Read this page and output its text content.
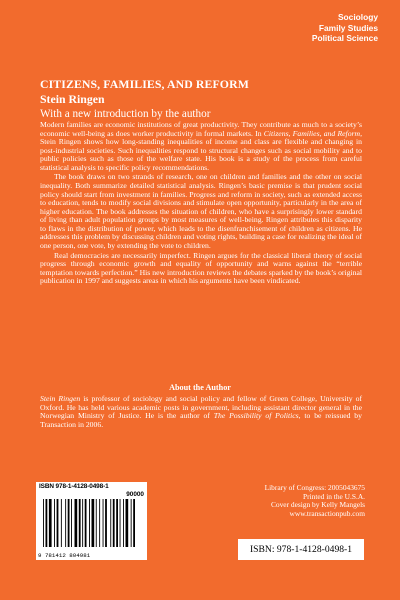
Sociology
Family Studies
Political Science
CITIZENS, FAMILIES, AND REFORM
Stein Ringen
With a new introduction by the author

Modern families are economic institutions of great productivity. They contribute as much to a society’s economic well-being as does worker productivity in formal markets. In Citizens, Families, and Reform, Stein Ringen shows how long-standing inequalities of income and class are flexible and changing in post-industrial societies. Such inequalities respond to structural changes such as social mobility and to public policies such as those of the welfare state. His book is a study of the process from careful statistical analysis to specific policy recommendations.

The book draws on two strands of research, one on children and families and the other on social inequality. Both summarize detailed statistical analysis. Ringen’s basic premise is that prudent social policy should start from investment in families. Progress and reform in society, such as extended access to education, tends to modify social divisions and stimulate open opportunity, particularly in the area of higher education. The book addresses the situation of children, who have a surprisingly lower standard of living than adult population groups by most measures of well-being. Ringen attributes this disparity to flaws in the distribution of power, which leads to the disenfranchisement of children as citizens. He addresses this problem by discussing children and voting rights, building a case for realizing the ideal of one person, one vote, by extending the vote to children.

Real democracies are necessarily imperfect. Ringen argues for the classical liberal theory of social progress through economic growth and equality of opportunity and warns against the “terrible temptation towards perfection.” His new introduction reviews the debates sparked by the book’s original publication in 1997 and suggests areas in which his arguments have been vindicated.

About the Author
Stein Ringen is professor of sociology and social policy and fellow of Green College, University of Oxford. He has held various academic posts in government, including assistant director general in the Norwegian Ministry of Justice. He is the author of The Possibility of Politics, to be reissued by Transaction in 2006.
ISBN 978-1-4128-0498-1
90000
9 781412 804981
Library of Congress: 2005043675
Printed in the U.S.A.
Cover design by Kelly Mangels
www.transactionpub.com
ISBN: 978-1-4128-0498-1
